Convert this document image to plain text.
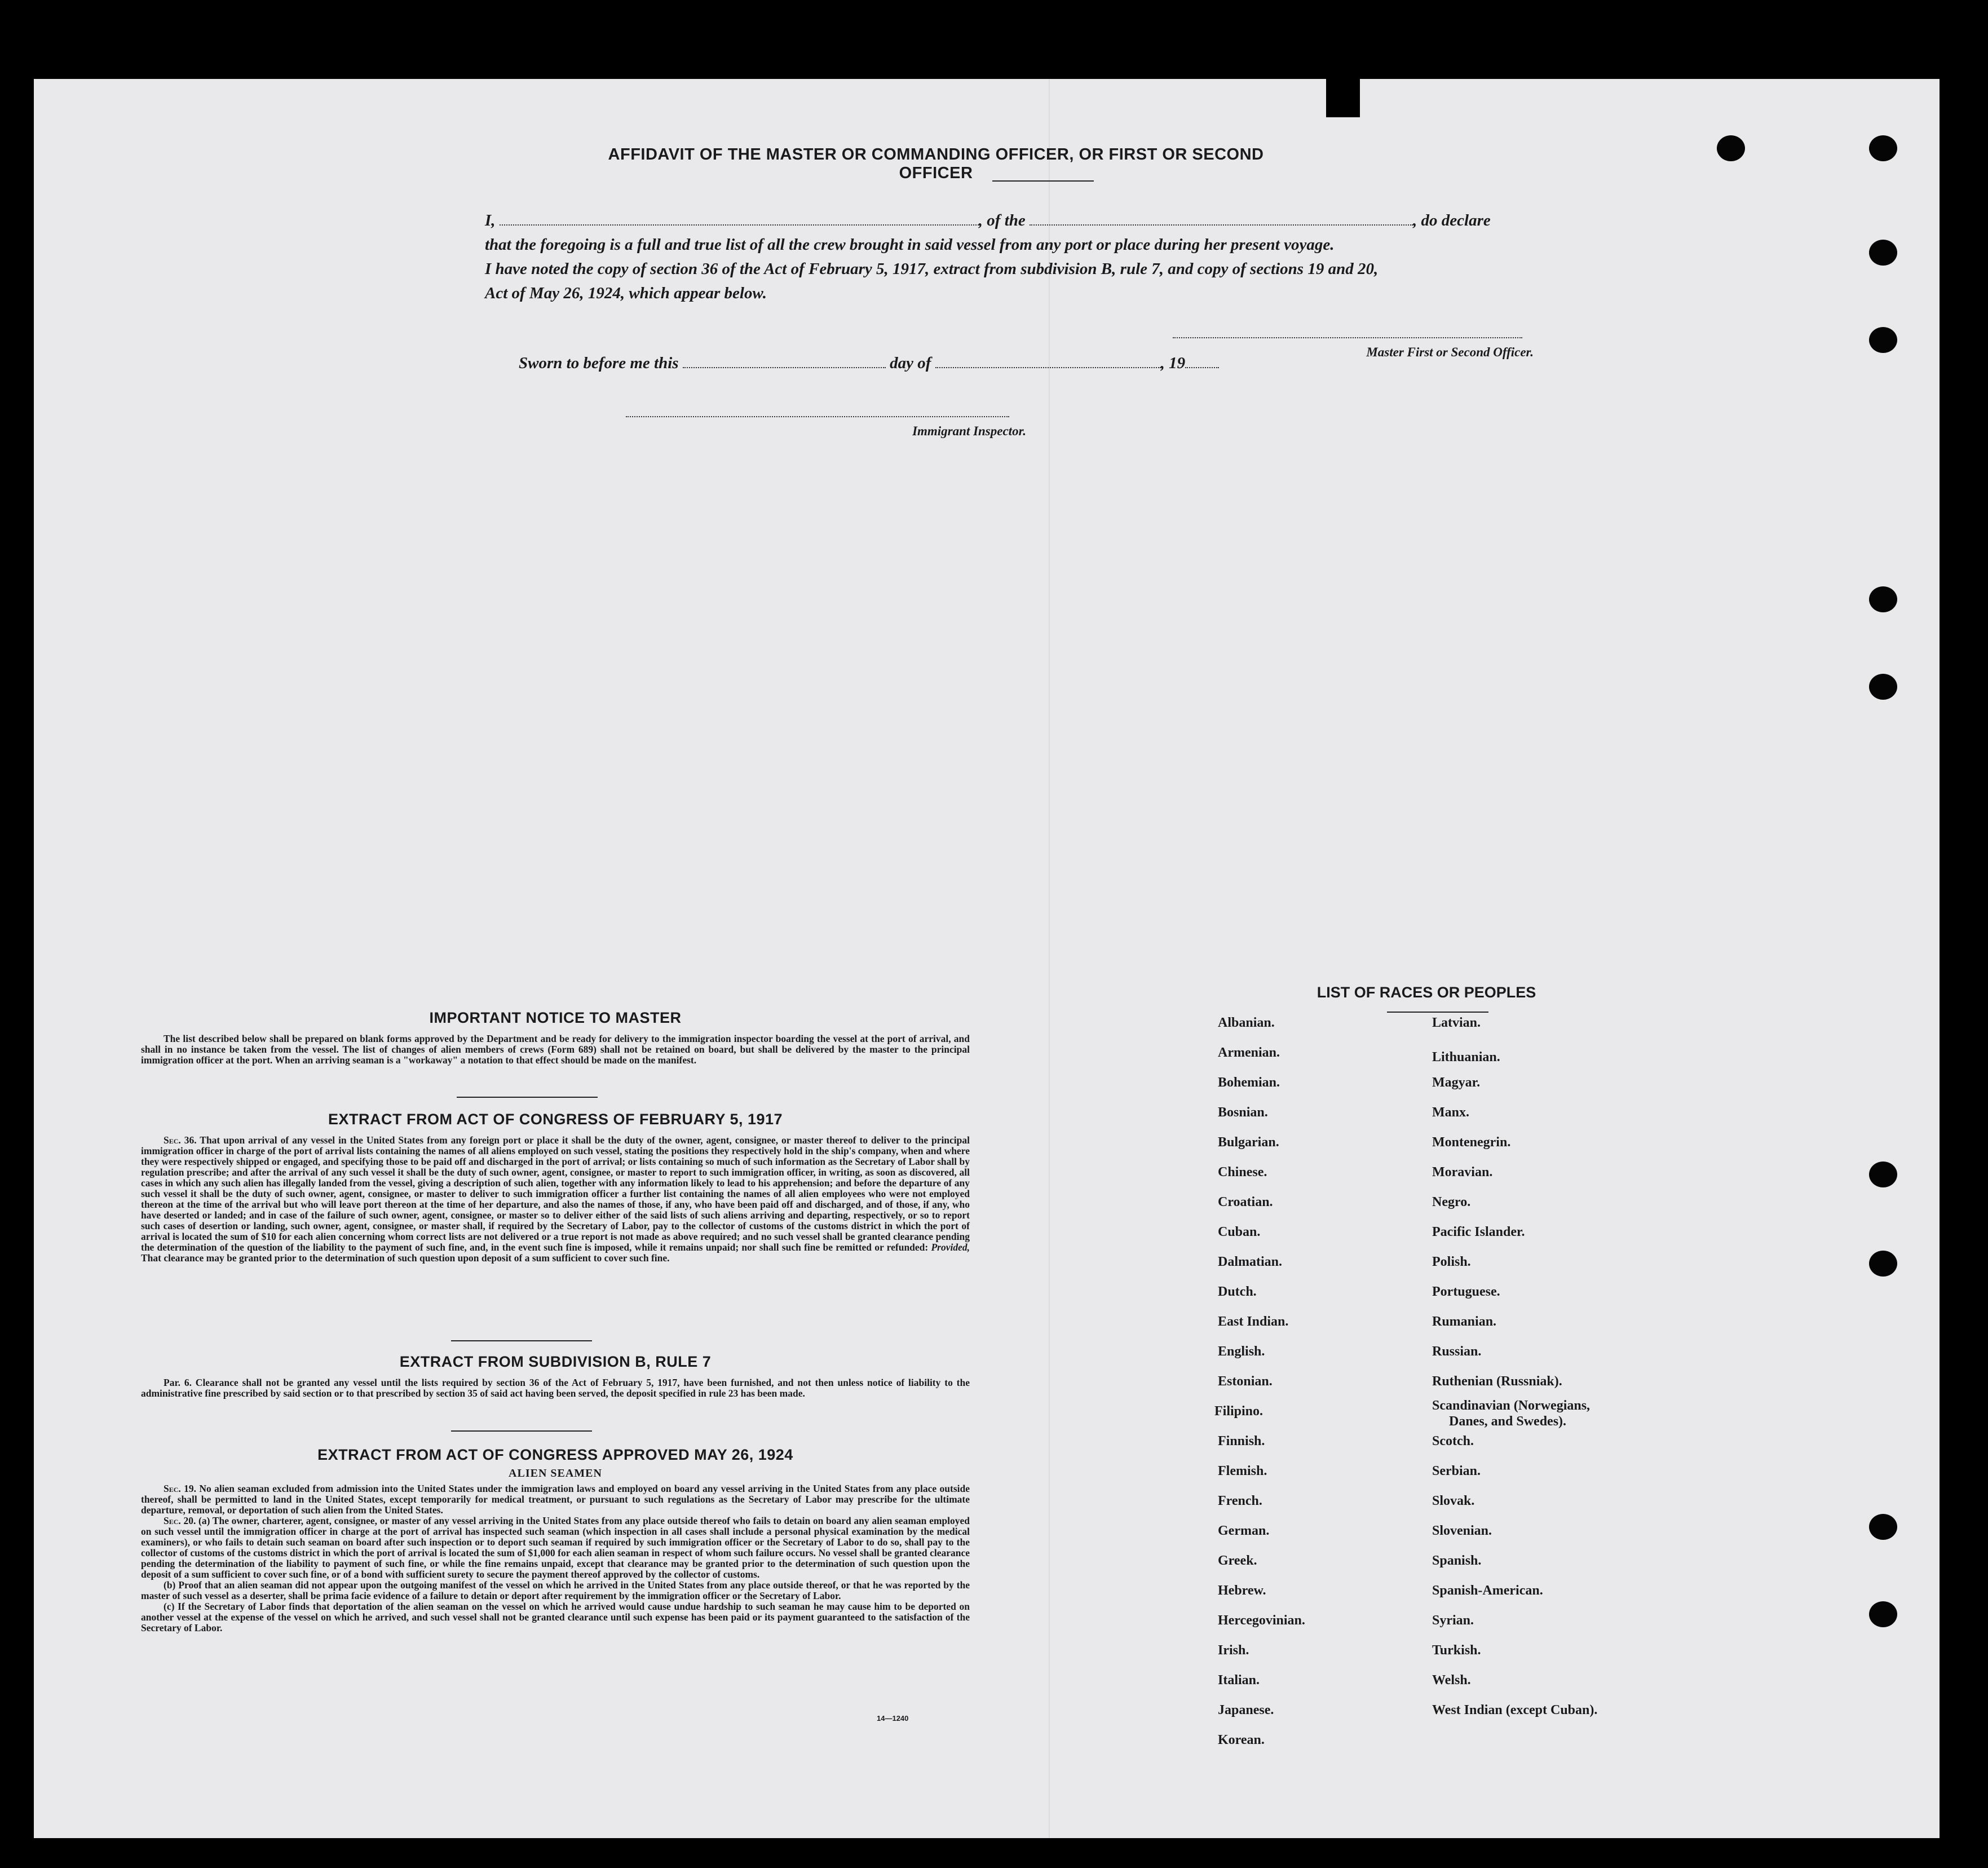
AFFIDAVIT OF THE MASTER OR COMMANDING OFFICER, OR FIRST OR SECOND OFFICER
I,	, of the	, do declare
that the foregoing is a full and true list of all the crew brought in said vessel from any port or place during her present voyage.
I have noted the copy of section 36 of the Act of February 5, 1917, extract from subdivision B, rule 7, and copy of sections 19 and 20,
Act of May 26, 1924, which appear below.
Master First or Second Officer.
Sworn to before me this	day of	, 19
Immigrant Inspector.
IMPORTANT NOTICE TO MASTER

The list described below shall be prepared on blank forms approved by the Department and be ready for delivery to the immigration inspector boarding the vessel at the port of arrival, and shall in no instance be taken from the vessel. The list of changes of alien members of crews (Form 689) shall not be retained on board, but shall be delivered by the master to the principal immigration officer at the port. When an arriving seaman is a "workaway" a notation to that effect should be made on the manifest.

EXTRACT FROM ACT OF CONGRESS OF FEBRUARY 5, 1917

Sec. 36. That upon arrival of any vessel in the United States from any foreign port or place it shall be the duty of the owner, agent, consignee, or master thereof to deliver to the principal immigration officer in charge of the port of arrival lists containing the names of all aliens employed on such vessel, stating the positions they respectively hold in the ship's company, when and where they were respectively shipped or engaged, and specifying those to be paid off and discharged in the port of arrival; or lists containing so much of such information as the Secretary of Labor shall by regulation prescribe; and after the arrival of any such vessel it shall be the duty of such owner, agent, consignee, or master to report to such immigration officer, in writing, as soon as discovered, all cases in which any such alien has illegally landed from the vessel, giving a description of such alien, together with any information likely to lead to his apprehension; and before the departure of any such vessel it shall be the duty of such owner, agent, consignee, or master to deliver to such immigration officer a further list containing the names of all alien employees who were not employed thereon at the time of the arrival but who will leave port thereon at the time of her departure, and also the names of those, if any, who have been paid off and discharged, and of those, if any, who have deserted or landed; and in case of the failure of such owner, agent, consignee, or master so to deliver either of the said lists of such aliens arriving and departing, respectively, or so to report such cases of desertion or landing, such owner, agent, consignee, or master shall, if required by the Secretary of Labor, pay to the collector of customs of the customs district in which the port of arrival is located the sum of $10 for each alien concerning whom correct lists are not delivered or a true report is not made as above required; and no such vessel shall be granted clearance pending the determination of the question of the liability to the payment of such fine, and, in the event such fine is imposed, while it remains unpaid; nor shall such fine be remitted or refunded: Provided, That clearance may be granted prior to the determination of such question upon deposit of a sum sufficient to cover such fine.

EXTRACT FROM SUBDIVISION B, RULE 7

Par. 6. Clearance shall not be granted any vessel until the lists required by section 36 of the Act of February 5, 1917, have been furnished, and not then unless notice of liability to the administrative fine prescribed by said section or to that prescribed by section 35 of said act having been served, the deposit specified in rule 23 has been made.

EXTRACT FROM ACT OF CONGRESS APPROVED MAY 26, 1924
ALIEN SEAMEN

Sec. 19. No alien seaman excluded from admission into the United States under the immigration laws and employed on board any vessel arriving in the United States from any place outside thereof, shall be permitted to land in the United States, except temporarily for medical treatment, or pursuant to such regulations as the Secretary of Labor may prescribe for the ultimate departure, removal, or deportation of such alien from the United States.

Sec. 20. (a) The owner, charterer, agent, consignee, or master of any vessel arriving in the United States from any place outside thereof who fails to detain on board any alien seaman employed on such vessel until the immigration officer in charge at the port of arrival has inspected such seaman (which inspection in all cases shall include a personal physical examination by the medical examiners), or who fails to detain such seaman on board after such inspection or to deport such seaman if required by such immigration officer or the Secretary of Labor to do so, shall pay to the collector of customs of the customs district in which the port of arrival is located the sum of $1,000 for each alien seaman in respect of whom such failure occurs. No vessel shall be granted clearance pending the determination of the liability to payment of such fine, or while the fine remains unpaid, except that clearance may be granted prior to the determination of such question upon the deposit of a sum sufficient to cover such fine, or of a bond with sufficient surety to secure the payment thereof approved by the collector of customs.

(b) Proof that an alien seaman did not appear upon the outgoing manifest of the vessel on which he arrived in the United States from any place outside thereof, or that he was reported by the master of such vessel as a deserter, shall be prima facie evidence of a failure to detain or deport after requirement by the immigration officer or the Secretary of Labor.

(c) If the Secretary of Labor finds that deportation of the alien seaman on the vessel on which he arrived would cause undue hardship to such seaman he may cause him to be deported on another vessel at the expense of the vessel on which he arrived, and such vessel shall not be granted clearance until such expense has been paid or its payment guaranteed to the satisfaction of the Secretary of Labor.

14—1240
LIST OF RACES OR PEOPLES
Albanian.
Armenian.
Bohemian.
Bosnian.
Bulgarian.
Chinese.
Croatian.
Cuban.
Dalmatian.
Dutch.
East Indian.
English.
Estonian.
Filipino.
Finnish.
Flemish.
French.
German.
Greek.
Hebrew.
Hercegovinian.
Irish.
Italian.
Japanese.
Korean.
Latvian.
Lithuanian.
Magyar.
Manx.
Montenegrin.
Moravian.
Negro.
Pacific Islander.
Polish.
Portuguese.
Rumanian.
Russian.
Ruthenian (Russniak).
Scandinavian (Norwegians,
Danes, and Swedes).
Scotch.
Serbian.
Slovak.
Slovenian.
Spanish.
Spanish-American.
Syrian.
Turkish.
Welsh.
West Indian (except Cuban).
